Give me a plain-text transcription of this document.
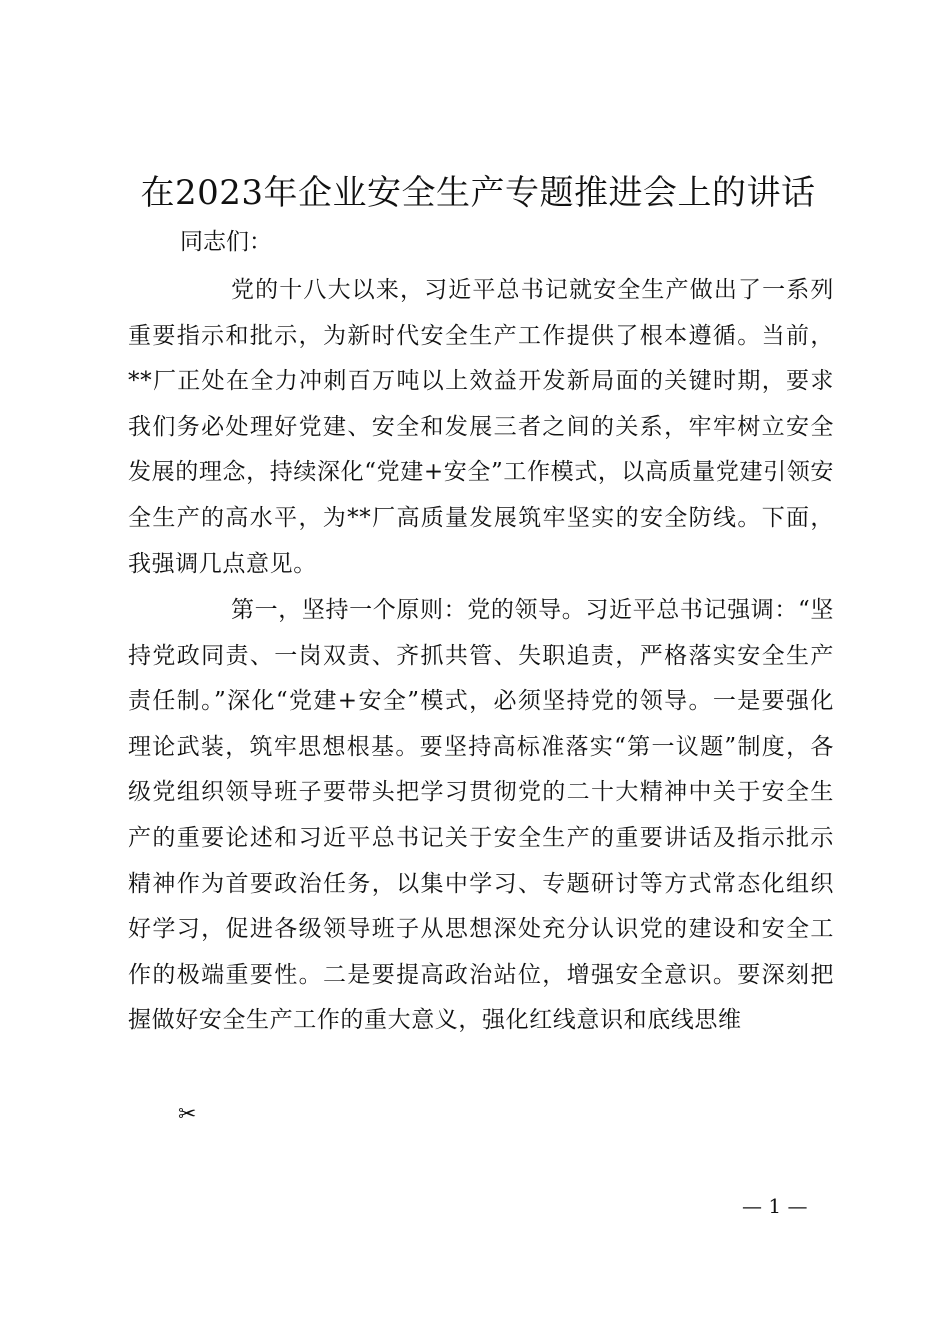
在2023年企业安全生产专题推进会上的讲话

同志们：

党的十八大以来，习近平总书记就安全生产做出了一系列重要指示和批示，为新时代安全生产工作提供了根本遵循。当前，**厂正处在全力冲刺百万吨以上效益开发新局面的关键时期，要求我们务必处理好党建、安全和发展三者之间的关系，牢牢树立安全发展的理念，持续深化“党建+安全”工作模式，以高质量党建引领安全生产的高水平，为**厂高质量发展筑牢坚实的安全防线。下面，我强调几点意见。

第一，坚持一个原则：党的领导。习近平总书记强调：“坚持党政同责、一岗双责、齐抓共管、失职追责，严格落实安全生产责任制。”深化“党建+安全”模式，必须坚持党的领导。一是要强化理论武装，筑牢思想根基。要坚持高标准落实“第一议题”制度，各级党组织领导班子要带头把学习贯彻党的二十大精神中关于安全生产的重要论述和习近平总书记关于安全生产的重要讲话及指示批示精神作为首要政治任务，以集中学习、专题研讨等方式常态化组织好学习，促进各级领导班子从思想深处充分认识党的建设和安全工作的极端重要性。二是要提高政治站位，增强安全意识。要深刻把握做好安全生产工作的重大意义，强化红线意识和底线思维

✂
— 1 —
